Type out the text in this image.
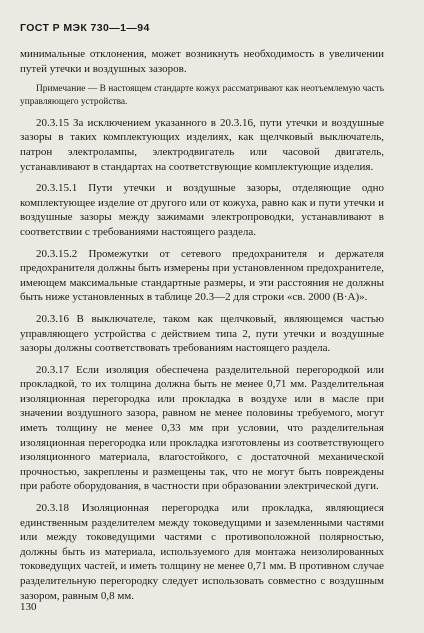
ГОСТ Р МЭК 730—1—94

минимальные отклонения, может возникнуть необходимость в увеличении путей утечки и воздушных зазоров.

Примечание — В настоящем стандарте кожух рассматривают как неотъемлемую часть управляющего устройства.

20.3.15 За исключением указанного в 20.3.16, пути утечки и воздушные зазоры в таких комплектующих изделиях, как щелчковый выключатель, патрон электролампы, электродвигатель или часовой двигатель, устанавливают в стандартах на соответствующие комплектующие изделия.

20.3.15.1 Пути утечки и воздушные зазоры, отделяющие одно комплектующее изделие от другого или от кожуха, равно как и пути утечки и воздушные зазоры между зажимами электропроводки, устанавливают в соответствии с требованиями настоящего раздела.

20.3.15.2 Промежутки от сетевого предохранителя и держателя предохранителя должны быть измерены при установленном предохранителе, имеющем максимальные стандартные размеры, и эти расстояния не должны быть ниже установленных в таблице 20.3—2 для строки «св. 2000 (В·А)».

20.3.16 В выключателе, таком как щелчковый, являющемся частью управляющего устройства с действием типа 2, пути утечки и воздушные зазоры должны соответствовать требованиям настоящего раздела.

20.3.17 Если изоляция обеспечена разделительной перегородкой или прокладкой, то их толщина должна быть не менее 0,71 мм. Разделительная изоляционная перегородка или прокладка в воздухе или в масле при значении воздушного зазора, равном не менее половины требуемого, могут иметь толщину не менее 0,33 мм при условии, что разделительная изоляционная перегородка или прокладка изготовлены из соответствующего изоляционного материала, влагостойкого, с достаточной механической прочностью, закреплены и размещены так, что не могут быть повреждены при работе оборудования, в частности при образовании электрической дуги.

20.3.18 Изоляционная перегородка или прокладка, являющиеся единственным разделителем между токоведущими и заземленными частями или между токоведущими частями с противоположной полярностью, должны быть из материала, используемого для монтажа неизолированных токоведущих частей, и иметь толщину не менее 0,71 мм. В противном случае разделительную перегородку следует использовать совместно с воздушным зазором, равным 0,8 мм.

130
